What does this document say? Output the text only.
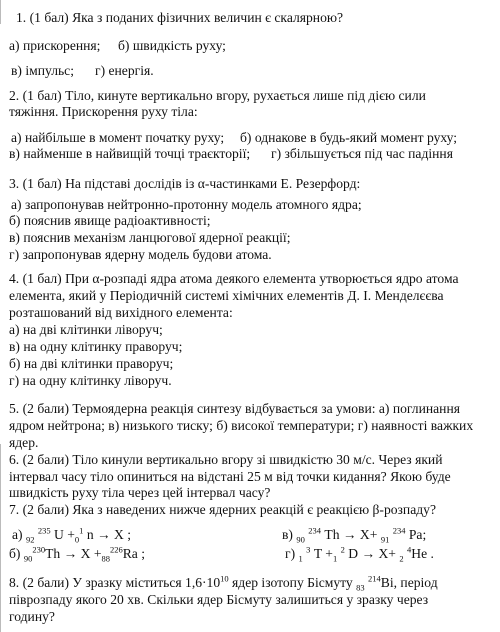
1. (1 бал) Яка з поданих фізичних величин є скалярною?
а) прискорення; б) швидкість руху;
в) імпульс; г) енергія.
2. (1 бал) Тіло, кинуте вертикально вгору, рухається лише під дією сили
тяжіння. Прискорення руху тіла:
а) найбільше в момент початку руху; б) однакове в будь-який момент руху;
в) найменше в найвищій точці траєкторії; г) збільшується під час падіння
3. (1 бал) На підставі дослідів із α-частинками Е. Резерфорд:
а) запропонував нейтронно-протонну модель атомного ядра;
б) пояснив явище радіоактивності;
в) пояснив механізм ланцюгової ядерної реакції;
г) запропонував ядерну модель будови атома.
4. (1 бал) При α-розпаді ядра атома деякого елемента утворюється ядро атома
елемента, який у Періодичній системі хімічних елементів Д. І. Менделєєва
розташований від вихідного елемента:
а) на дві клітинки ліворуч;
в) на одну клітинку праворуч;
б) на дві клітинки праворуч;
г) на одну клітинку ліворуч.
5. (2 бали) Термоядерна реакція синтезу відбувається за умови: а) поглинання
ядром нейтрона; в) низького тиску; б) високої температури; г) наявності важких
ядер.
6. (2 бали) Тіло кинули вертикально вгору зі швидкістю 30 м/с. Через який
інтервал часу тіло опиниться на відстані 25 м від точки кидання? Якою буде
швидкість руху тіла через цей інтервал часу?
7. (2 бали) Яка з наведених нижче ядерних реакцій є реакцією β-розпаду?
а) $_{92}$ $^{235}$ $U +_0^1$ n → X ;	в) $_{90}$ $^{234}$ Th → X+ $_{91}$ $^{234}$ Pa;
б) $_{90}^{230}Th \to X +_{88}^{226}Ra$ ;	г) $_1$ $^3$ $T +_1$ $^2$ D → X+ $_2$ $^4$He .
8. (2 бали) У зразку міститься $1,6\cdot 10^{10}$ ядер ізотопу Бісмуту $_{83}$ $^{214}$Bi, період
піврозпаду якого 20 хв. Скільки ядер Бісмуту залишиться у зразку через
годину?
